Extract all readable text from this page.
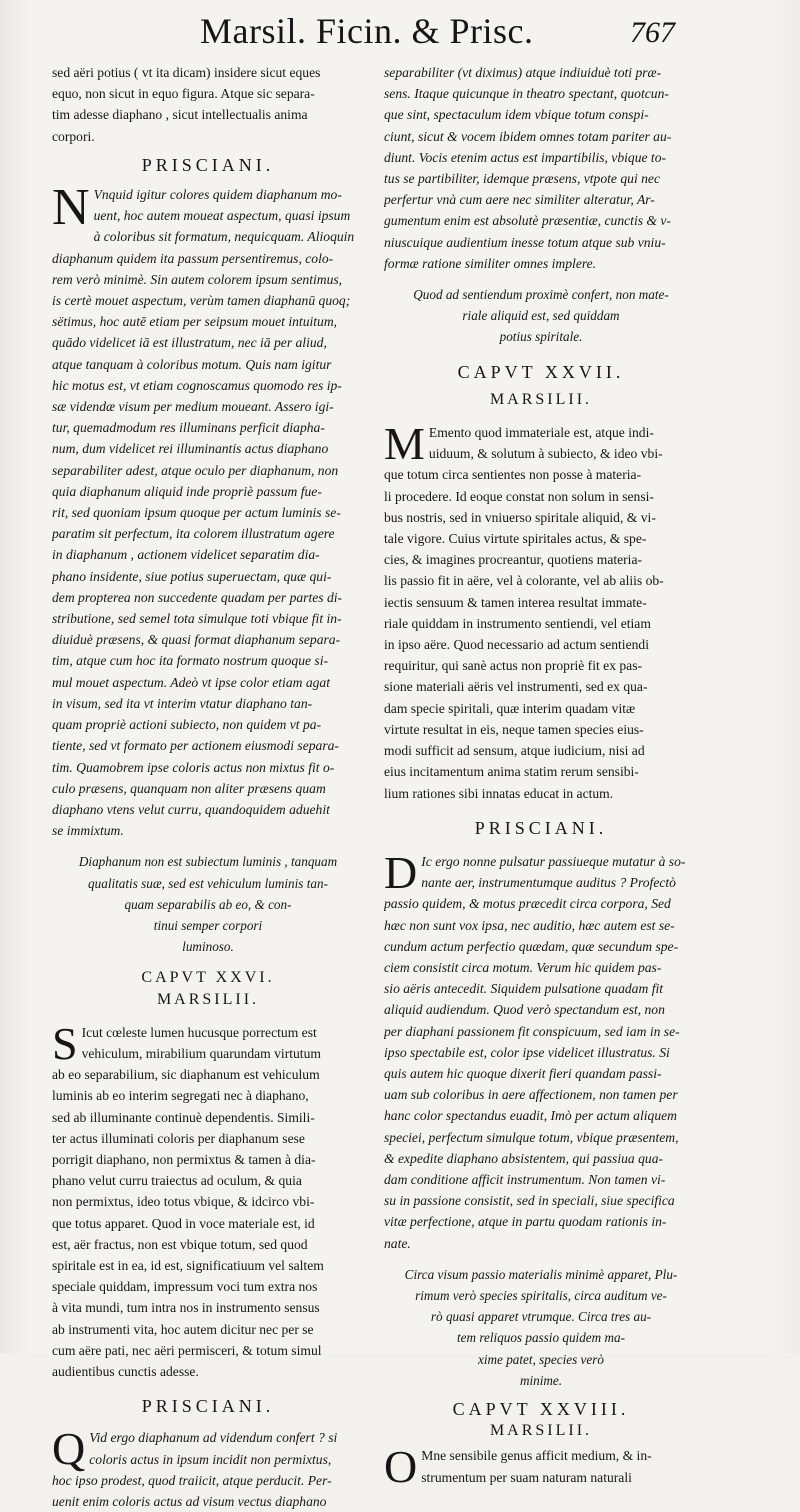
Marsil. Ficin. & Prisc.	767
sed aëri potius ( vt ita dicam) insidere sicut eques
equo, non sicut in equo figura. Atque sic separa-
tim adesse diaphano , sicut intellectualis anima
corpori.
PRISCIANI.
N Vnquid igitur colores quidem diaphanum mo-
uent, hoc autem moueat aspectum, quasi ipsum
à coloribus sit formatum, nequicquam. Alioquin
diaphanum quidem ita passum persentiremus, colo-
rem verò minimè. Sin autem colorem ipsum sentimus,
is certè mouet aspectum, verùm tamen diaphanū quoq;
sëtimus, hoc autē etiam per seipsum mouet intuitum,
quādo videlicet iā est illustratum, nec iā per aliud,
atque tanquam à coloribus motum. Quis nam igitur
hic motus est, vt etiam cognoscamus quomodo res ip-
sæ videndæ visum per medium moueant. Assero igi-
tur, quemadmodum res illuminans perficit diapha-
num, dum videlicet rei illuminantis actus diaphano
separabiliter adest, atque oculo per diaphanum, non
quia diaphanum aliquid inde propriè passum fue-
rit, sed quoniam ipsum quoque per actum luminis se-
paratim sit perfectum, ita colorem illustratum agere
in diaphanum , actionem videlicet separatim dia-
phano insidente, siue potius superuectam, quæ qui-
dem propterea non succedente quadam per partes di-
stributione, sed semel tota simulque toti vbique fit in-
diuiduè præsens, & quasi format diaphanum separa-
tim, atque cum hoc ita formato nostrum quoque si-
mul mouet aspectum. Adeò vt ipse color etiam agat
in visum, sed ita vt interim vtatur diaphano tan-
quam propriè actioni subiecto, non quidem vt pa-
tiente, sed vt formato per actionem eiusmodi separa-
tim. Quamobrem ipse coloris actus non mixtus fit o-
culo præsens, quanquam non aliter præsens quam
diaphano vtens velut curru, quandoquidem aduehit
se immixtum.
Diaphanum non est subiectum luminis , tanquam
qualitatis suæ, sed est vehiculum luminis tan-
quam separabilis ab eo, & con-
tinui semper corpori
luminoso.
CAPVT XXVI.
MARSILII.
S Icut cœleste lumen hucusque porrectum est
vehiculum, mirabilium quarundam virtutum
ab eo separabilium, sic diaphanum est vehiculum
luminis ab eo interim segregati nec à diaphano,
sed ab illuminante continuè dependentis. Simili-
ter actus illuminati coloris per diaphanum sese
porrigit diaphano, non permixtus & tamen à dia-
phano velut curru traiectus ad oculum, & quia
non permixtus, ideo totus vbique, & idcirco vbi-
que totus apparet. Quod in voce materiale est, id
est, aër fractus, non est vbique totum, sed quod
spiritale est in ea, id est, significatiuum vel saltem
speciale quiddam, impressum voci tum extra nos
à vita mundi, tum intra nos in instrumento sensus
ab instrumenti vita, hoc autem dicitur nec per se
cum aëre pati, nec aëri permisceri, & totum simul
audientibus cunctis adesse.
PRISCIANI.
Q Vid ergo diaphanum ad videndum confert ? si
coloris actus in ipsum incidit non permixtus,
hoc ipso prodest, quod traiicit, atque perducit. Per-
uenit enim coloris actus ad visum vectus diaphano
separabiliter (vt diximus) atque indiuiduè toti præ-
sens. Itaque quicunque in theatro spectant, quotcun-
que sint, spectaculum idem vbique totum conspi-
ciunt, sicut & vocem ibidem omnes totam pariter au-
diunt. Vocis etenim actus est impartibilis, vbique to-
tus se partibiliter, idemque præsens, vtpote qui nec
perfertur vnà cum aere nec similiter alteratur, Ar-
gumentum enim est absolutè præsentiæ, cunctis & v-
niuscuique audientium inesse totum atque sub vniu-
formæ ratione similiter omnes implere.
Quod ad sentiendum proximè confert, non mate-
riale aliquid est, sed quiddam
potius spiritale.
CAPVT XXVII.
MARSILII.
M Emento quod immateriale est, atque indi-
uiduum, & solutum à subiecto, & ideo vbi-
que totum circa sentientes non posse à materia-
li procedere. Id eoque constat non solum in sensi-
bus nostris, sed in vniuerso spiritale aliquid, & vi-
tale vigore. Cuius virtute spiritales actus, & spe-
cies, & imagines procreantur, quotiens materia-
lis passio fit in aëre, vel à colorante, vel ab aliis ob-
iectis sensuum & tamen interea resultat immate-
riale quiddam in instrumento sentiendi, vel etiam
in ipso aëre. Quod necessario ad actum sentiendi
requiritur, qui sanè actus non propriè fit ex pas-
sione materiali aëris vel instrumenti, sed ex qua-
dam specie spiritali, quæ interim quadam vitæ
virtute resultat in eis, neque tamen species eius-
modi sufficit ad sensum, atque iudicium, nisi ad
eius incitamentum anima statim rerum sensibi-
lium rationes sibi innatas educat in actum.
PRISCIANI.
D Ic ergo nonne pulsatur passiueque mutatur à so-
nante aer, instrumentumque auditus ? Profectò
passio quidem, & motus præcedit circa corpora, Sed
hæc non sunt vox ipsa, nec auditio, hæc autem est se-
cundum actum perfectio quædam, quæ secundum spe-
ciem consistit circa motum. Verum hic quidem pas-
sio aëris antecedit. Siquidem pulsatione quadam fit
aliquid audiendum. Quod verò spectandum est, non
per diaphani passionem fit conspicuum, sed iam in se-
ipso spectabile est, color ipse videlicet illustratus. Si
quis autem hic quoque dixerit fieri quandam passi-
uam sub coloribus in aere affectionem, non tamen per
hanc color spectandus euadit, Imò per actum aliquem
speciei, perfectum simulque totum, vbique præsentem,
& expedite diaphano absistentem, qui passiua qua-
dam conditione afficit instrumentum. Non tamen vi-
su in passione consistit, sed in speciali, siue specifica
vitæ perfectione, atque in partu quodam rationis in-
nate.
Circa visum passio materialis minimè apparet, Plu-
rimum verò species spiritalis, circa auditum ve-
rò quasi apparet vtrumque. Circa tres au-
tem reliquos passio quidem ma-
xime patet, species verò
minime.
CAPVT XXVIII.
MARSILII.
O Mne sensibile genus afficit medium, & in-
strumentum per suam naturam naturali
